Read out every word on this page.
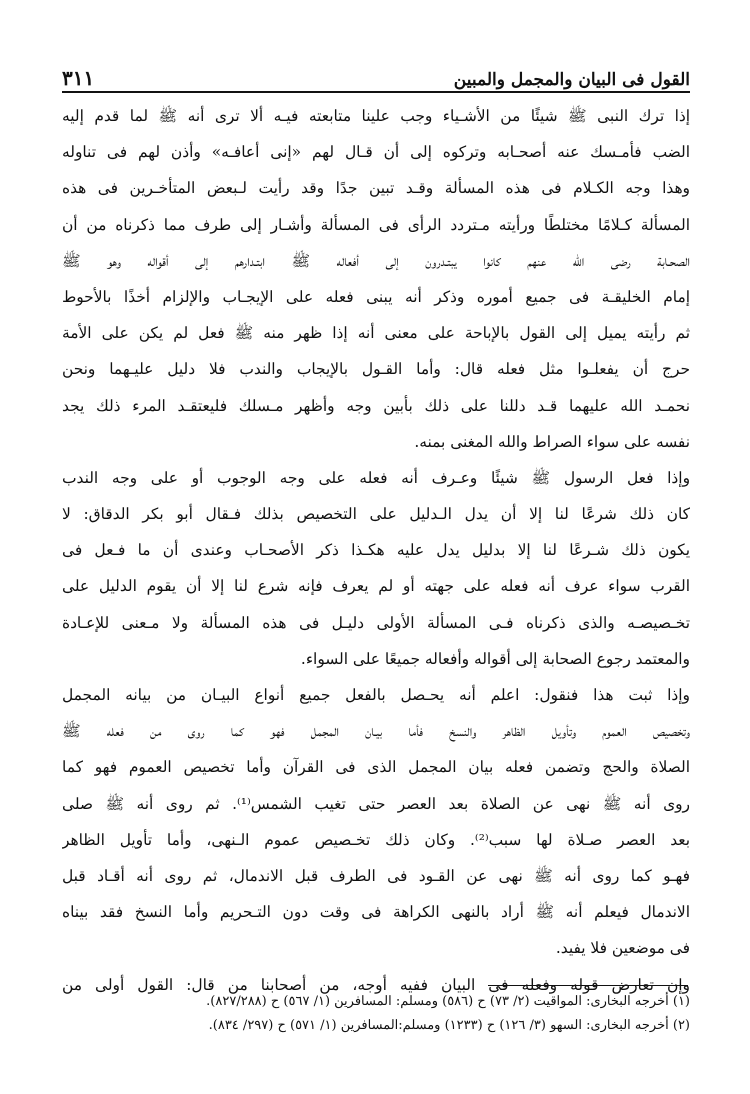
القول فى البيان والمجمل والمبين
٣١١
إذا ترك النبى ﷺ شيئًا من الأشـياء وجب علينا متابعته فيـه ألا ترى أنه ﷺ لما قدم إليه
الضب فأمـسك عنه أصحـابه وتركوه إلى أن قـال لهم «إنى أعافـه» وأذن لهم فى تناوله
وهذا وجه الكـلام فى هذه المسألة وقـد تبين جدًا وقد رأيت لـبعض المتأخـرين فى هذه
المسألة كـلامًا مختلطًا ورأيته مـتردد الرأى فى المسألة وأشـار إلى طرف مما ذكرناه من أن
الصحـابة رضى الله عنهم كانوا يبتـدرون إلى أفعاله ﷺ ابتـدارهم إلى أقواله وهو ﷺ
إمام الخليقـة فى جميع أموره وذكر أنه يبنى فعله على الإيجـاب والإلزام أخذًا بالأحوط
ثم رأيته يميل إلى القول بالإباحة على معنى أنه إذا ظهر منه ﷺ فعل لم يكن على الأمة
حرج أن يفعلـوا مثل فعله قال: وأما القـول بالإيجاب والندب فلا دليل عليـهما ونحن
نحمـد الله عليهما قـد دللنا على ذلك بأبين وجه وأظهر مـسلك فليعتقـد المرء ذلك يجد
نفسه على سواء الصراط والله المغنى بمنه.
وإذا فعل الرسول ﷺ شيئًا وعـرف أنه فعله على وجه الوجوب أو على وجه الندب
كان ذلك شرعًا لنا إلا أن يدل الـدليل على التخصيص بذلك فـقال أبو بكر الدقاق: لا
يكون ذلك شـرعًا لنا إلا بدليل يدل عليه هكـذا ذكر الأصحـاب وعندى أن ما فـعل فى
القرب سواء عرف أنه فعله على جهته أو لم يعرف فإنه شرع لنا إلا أن يقوم الدليل على
تخـصيصـه والذى ذكرناه فـى المسألة الأولى دليـل فى هذه المسألة ولا مـعنى للإعـادة
والمعتمد رجوع الصحابة إلى أقواله وأفعاله جميعًا على السواء.
وإذا ثبت هذا فنقول: اعلم أنه يحـصل بالفعل جميع أنواع البيـان من بيانه المجمل
وتخصيص العموم وتأويل الظاهر والنسخ فأما بيـان المجمل فهو كما روى من فعله ﷺ
الصلاة والحج وتضمن فعله بيان المجمل الذى فى القرآن وأما تخصيص العموم فهو كما
روى أنه ﷺ نهى عن الصلاة بعد العصر حتى تغيب الشمس⁽¹⁾. ثم روى أنه ﷺ صلى
بعد العصر صـلاة لها سبب⁽²⁾. وكان ذلك تخـصيص عموم الـنهى، وأما تأويل الظاهر
فهـو كما روى أنه ﷺ نهى عن القـود فى الطرف قبل الاندمال، ثم روى أنه أقـاد قبل
الاندمال فيعلم أنه ﷺ أراد بالنهى الكراهة فى وقت دون التـحريم وأما النسخ فقد بيناه
فى موضعين فلا يفيد.
وإن تعارض قوله وفعله فى البيان ففيه أوجه، من أصحابنا من قال: القول أولى من
(١) أخرجه البخارى: المواقيت (٢/ ٧٣) ح (٥٨٦) ومسلم: المسافرين (١/ ٥٦٧) ح (٨٢٧/٢٨٨).
(٢) أخرجه البخارى: السهو (٣/ ١٢٦) ح (١٢٣٣) ومسلم:المسافرين (١/ ٥٧١) ح (٢٩٧/ ٨٣٤).
